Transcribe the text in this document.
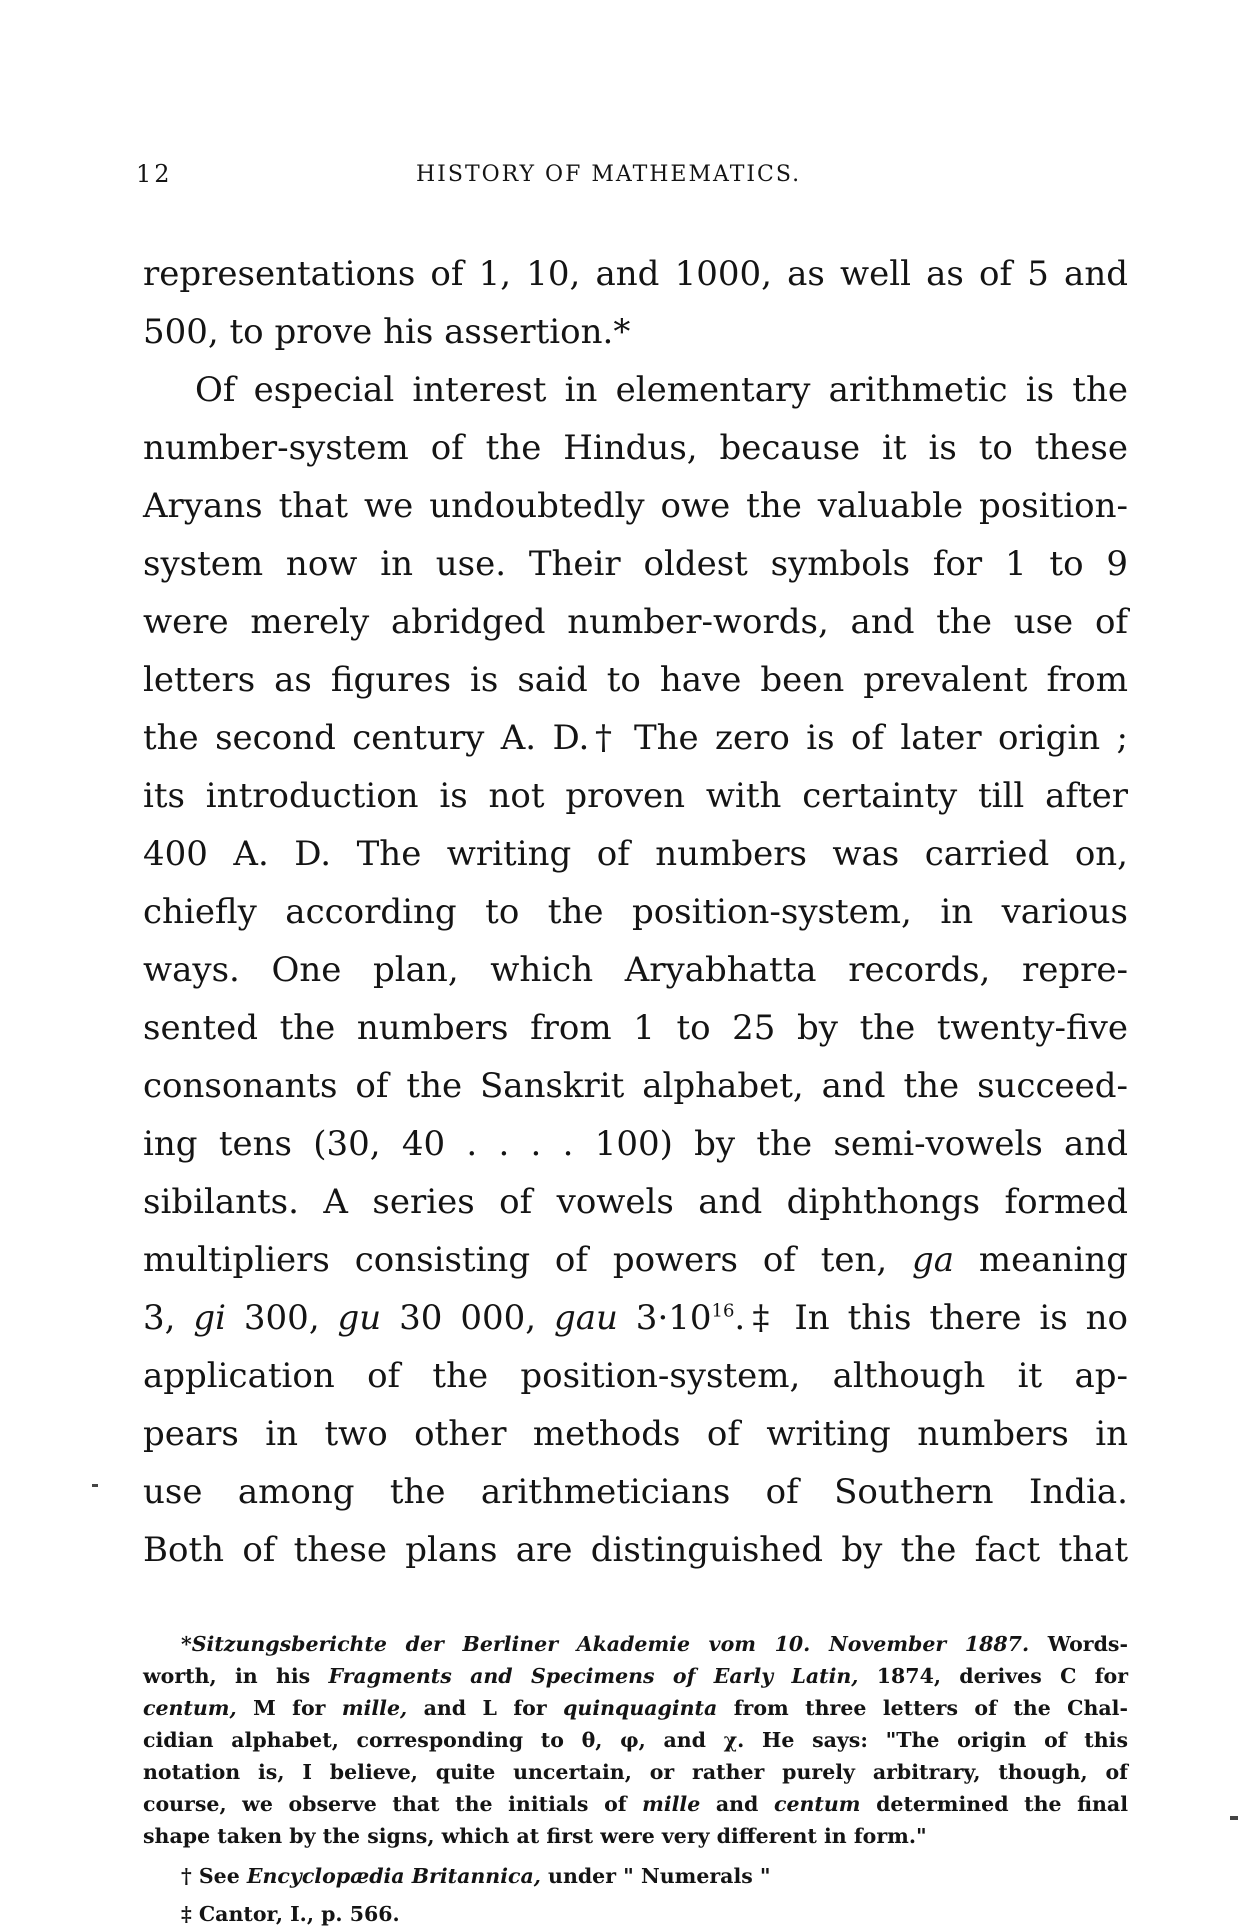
12	HISTORY OF MATHEMATICS.
representations of 1, 10, and 1000, as well as of 5 and
500, to prove his assertion.*
Of especial interest in elementary arithmetic is the
number-system of the Hindus, because it is to these
Aryans that we undoubtedly owe the valuable position-
system now in use. Their oldest symbols for 1 to 9
were merely abridged number-words, and the use of
letters as figures is said to have been prevalent from
the second century A. D.† The zero is of later origin ;
its introduction is not proven with certainty till after
400 A. D. The writing of numbers was carried on,
chiefly according to the position-system, in various
ways. One plan, which Aryabhatta records, repre-
sented the numbers from 1 to 25 by the twenty-five
consonants of the Sanskrit alphabet, and the succeed-
ing tens (30, 40 . . . . 100) by the semi-vowels and
sibilants. A series of vowels and diphthongs formed
multipliers consisting of powers of ten, ga meaning
3, gi 300, gu 30 000, gau $3\cdot 10^{16}.\ddagger$ In this there is no
application of the position-system, although it ap-
pears in two other methods of writing numbers in
use among the arithmeticians of Southern India.
Both of these plans are distinguished by the fact that
*Sitzungsberichte der Berliner Akademie vom 10. November 1887. Words-
worth, in his Fragments and Specimens of Early Latin, 1874, derives C for
centum, M for mille, and L for quinquaginta from three letters of the Chal-
cidian alphabet, corresponding to θ, φ, and χ. He says: "The origin of this
notation is, I believe, quite uncertain, or rather purely arbitrary, though, of
course, we observe that the initials of mille and centum determined the final
shape taken by the signs, which at first were very different in form."
† See Encyclopædia Britannica, under " Numerals "
‡ Cantor, I., p. 566.
